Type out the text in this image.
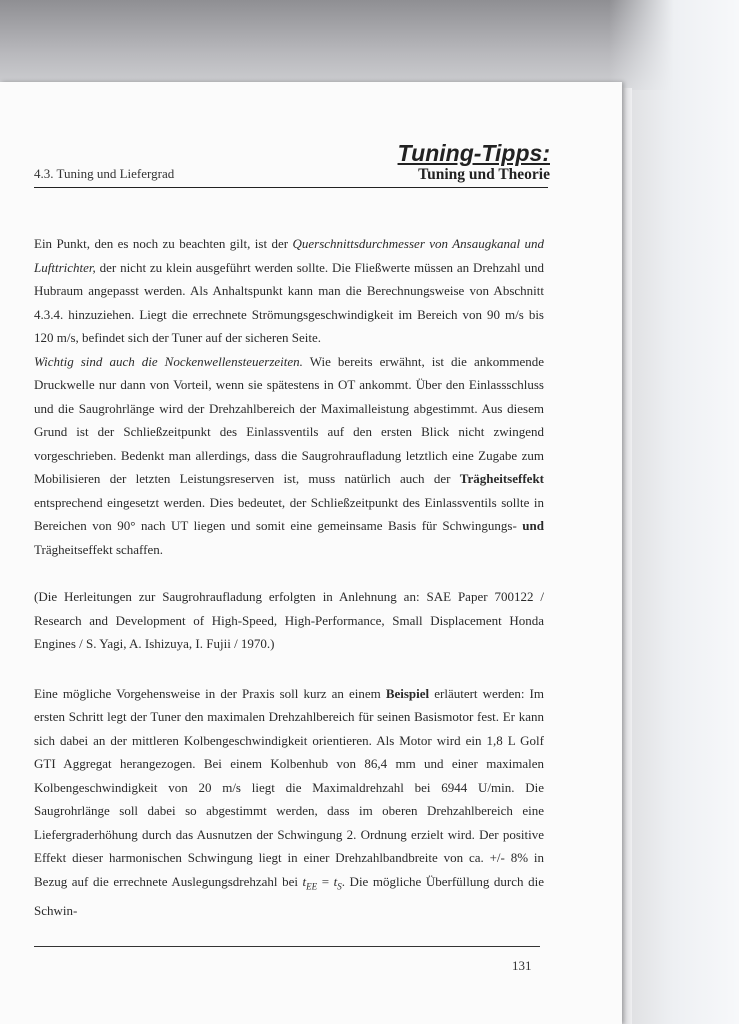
Tuning-Tipps:
Tuning und Theorie
4.3. Tuning und Liefergrad

Ein Punkt, den es noch zu beachten gilt, ist der Querschnittsdurchmesser von Ansaugkanal und Lufttrichter, der nicht zu klein ausgeführt werden sollte. Die Fließwerte müssen an Drehzahl und Hubraum angepasst werden. Als Anhaltspunkt kann man die Berechnungsweise von Abschnitt 4.3.4. hinzuziehen. Liegt die errechnete Strömungsgeschwindigkeit im Bereich von 90 m/s bis 120 m/s, befindet sich der Tuner auf der sicheren Seite.

Wichtig sind auch die Nockenwellensteuerzeiten. Wie bereits erwähnt, ist die ankommende Druckwelle nur dann von Vorteil, wenn sie spätestens in OT ankommt. Über den Einlassschluss und die Saugrohrlänge wird der Drehzahlbereich der Maximalleistung abgestimmt. Aus diesem Grund ist der Schließzeitpunkt des Einlassventils auf den ersten Blick nicht zwingend vorgeschrieben. Bedenkt man allerdings, dass die Saugrohraufladung letztlich eine Zugabe zum Mobilisieren der letzten Leistungsreserven ist, muss natürlich auch der Trägheitseffekt entsprechend eingesetzt werden. Dies bedeutet, der Schließzeitpunkt des Einlassventils sollte in Bereichen von 90° nach UT liegen und somit eine gemeinsame Basis für Schwingungs- und Trägheitseffekt schaffen.

(Die Herleitungen zur Saugrohraufladung erfolgten in Anlehnung an: SAE Paper 700122 / Research and Development of High-Speed, High-Performance, Small Displacement Honda Engines / S. Yagi, A. Ishizuya, I. Fujii / 1970.)

Eine mögliche Vorgehensweise in der Praxis soll kurz an einem Beispiel erläutert werden: Im ersten Schritt legt der Tuner den maximalen Drehzahlbereich für seinen Basismotor fest. Er kann sich dabei an der mittleren Kolbengeschwindigkeit orientieren. Als Motor wird ein 1,8 L Golf GTI Aggregat herangezogen. Bei einem Kolbenhub von 86,4 mm und einer maximalen Kolbengeschwindigkeit von 20 m/s liegt die Maximaldrehzahl bei 6944 U/min. Die Saugrohrlänge soll dabei so abgestimmt werden, dass im oberen Drehzahlbereich eine Liefergraderhöhung durch das Ausnutzen der Schwingung 2. Ordnung erzielt wird. Der positive Effekt dieser harmonischen Schwingung liegt in einer Drehzahlbandbreite von ca. +/- 8% in Bezug auf die errechnete Auslegungsdrehzahl bei $t_{EE} = t_S$. Die mögliche Überfüllung durch die Schwin-

131
